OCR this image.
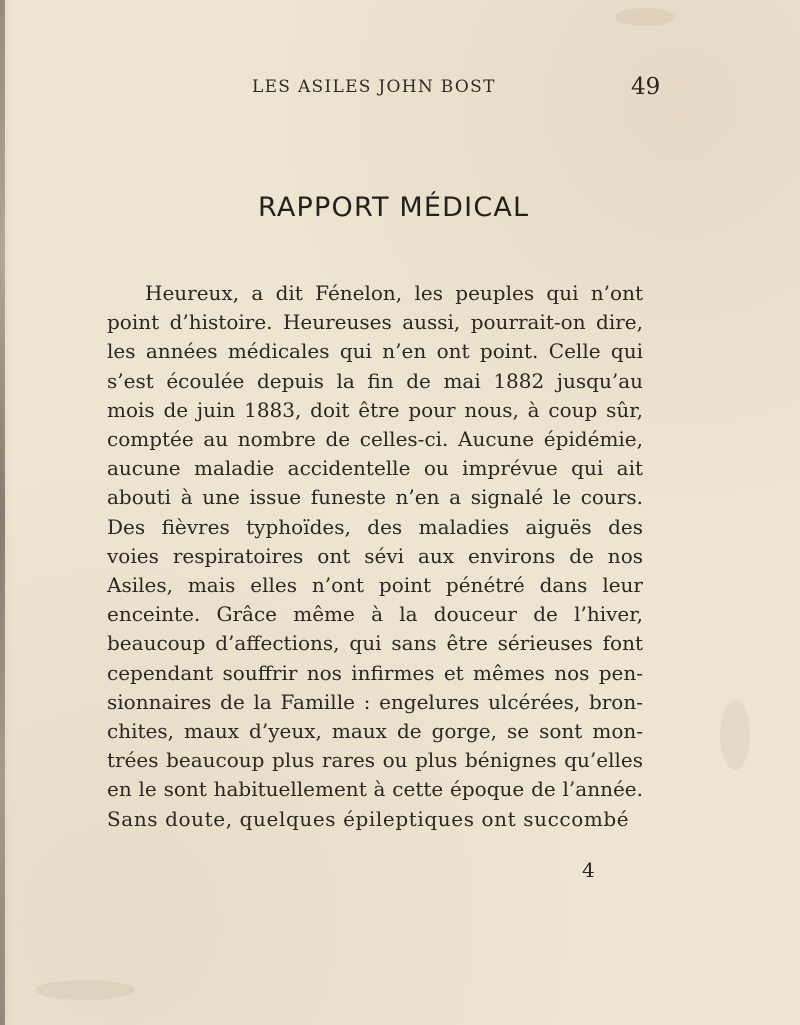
LES ASILES JOHN BOST	49
RAPPORT MÉDICAL
Heureux, a dit Fénelon, les peuples qui n’ont
point d’histoire. Heureuses aussi, pourrait-on dire,
les années médicales qui n’en ont point. Celle qui
s’est écoulée depuis la fin de mai 1882 jusqu’au
mois de juin 1883, doit être pour nous, à coup sûr,
comptée au nombre de celles-ci. Aucune épidémie,
aucune maladie accidentelle ou imprévue qui ait
abouti à une issue funeste n’en a signalé le cours.
Des fièvres typhoïdes, des maladies aiguës des
voies respiratoires ont sévi aux environs de nos
Asiles, mais elles n’ont point pénétré dans leur
enceinte. Grâce même à la douceur de l’hiver,
beaucoup d’affections, qui sans être sérieuses font
cependant souffrir nos infirmes et mêmes nos pen-
sionnaires de la Famille : engelures ulcérées, bron-
chites, maux d’yeux, maux de gorge, se sont mon-
trées beaucoup plus rares ou plus bénignes qu’elles
en le sont habituellement à cette époque de l’année.
Sans doute, quelques épileptiques ont succombé
4
